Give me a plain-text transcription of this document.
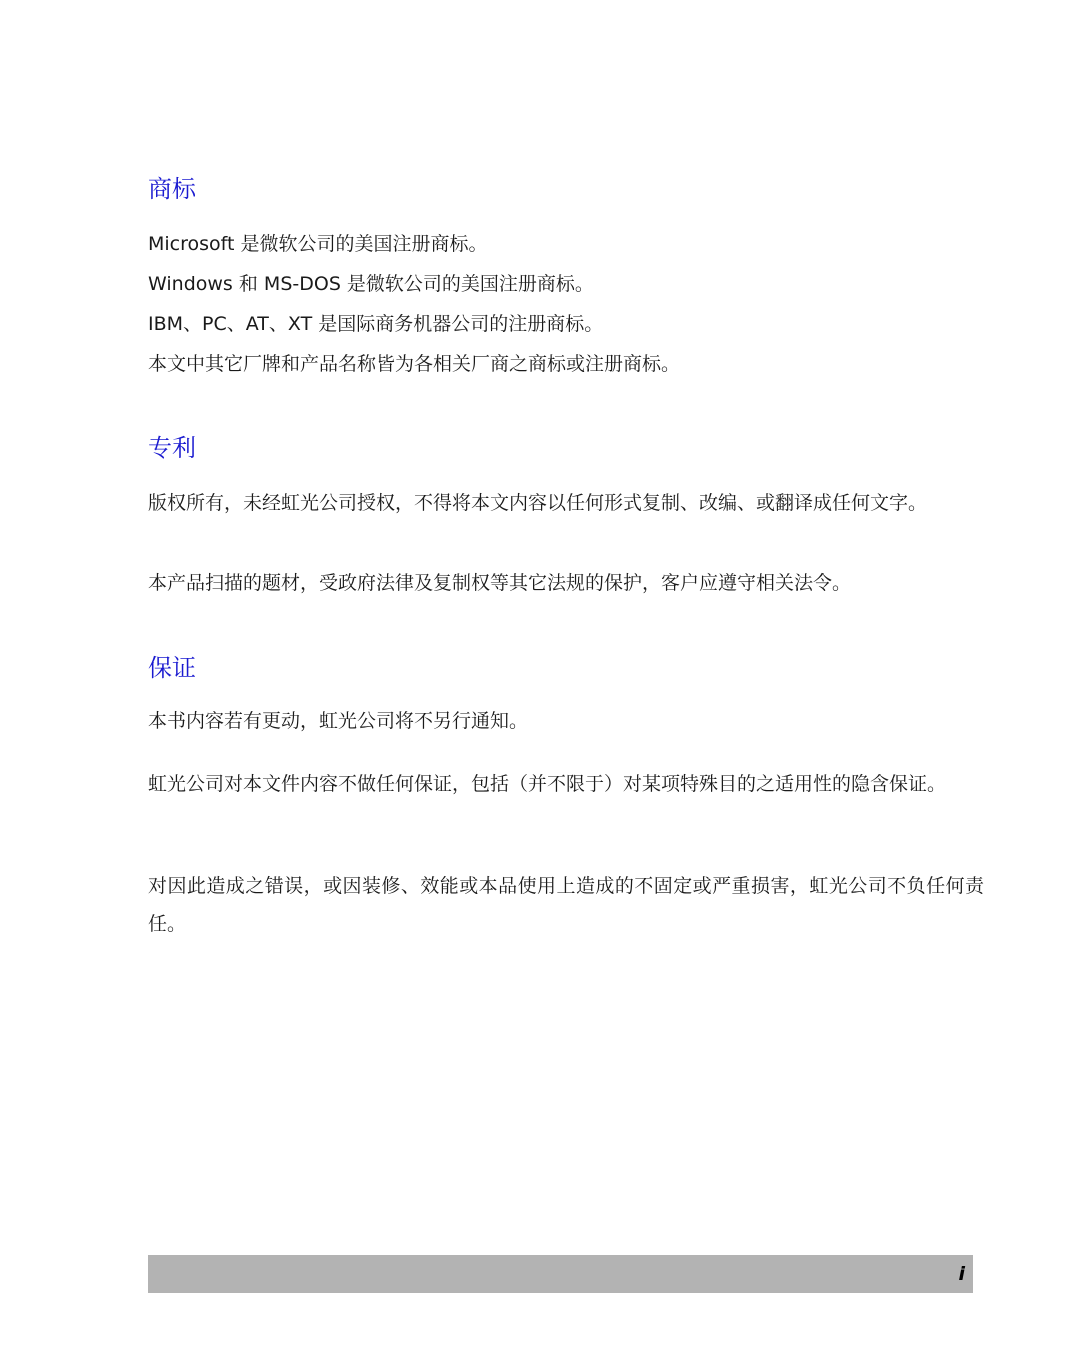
商标

Microsoft 是微软公司的美国注册商标。

Windows 和 MS-DOS 是微软公司的美国注册商标。

IBM、PC、AT、XT 是国际商务机器公司的注册商标。

本文中其它厂牌和产品名称皆为各相关厂商之商标或注册商标。

专利

版权所有，未经虹光公司授权，不得将本文内容以任何形式复制、改编、或翻译成任何文字。

本产品扫描的题材，受政府法律及复制权等其它法规的保护，客户应遵守相关法令。

保证

本书内容若有更动，虹光公司将不另行通知。

虹光公司对本文件内容不做任何保证，包括（并不限于）对某项特殊目的之适用性的隐含保证。

对因此造成之错误，或因装修、效能或本品使用上造成的不固定或严重损害，虹光公司不负任何责任。

i
